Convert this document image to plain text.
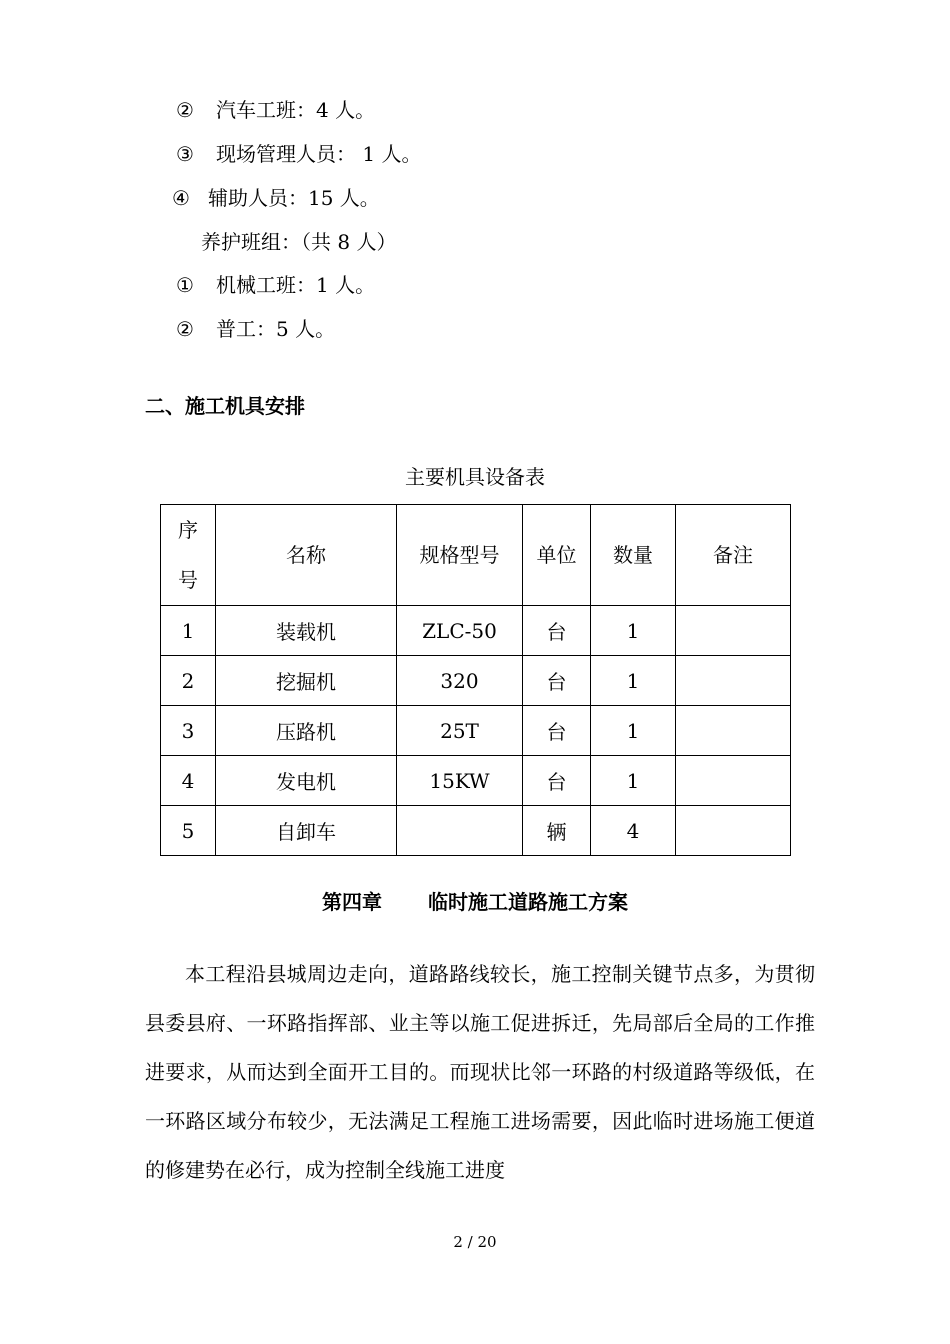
② 汽车工班：4 人。
③ 现场管理人员： 1 人。
④ 辅助人员：15 人。
养护班组：（共 8 人）
① 机械工班：1 人。
② 普工：5 人。
二、施工机具安排
主要机具设备表
序
号	名称	规格型号	单位	数量	备注
1	装载机	ZLC-50	台	1	
2	挖掘机	320	台	1	
3	压路机	25T	台	1	
4	发电机	15KW	台	1	
5	自卸车		辆	4	
第四章 临时施工道路施工方案

本工程沿县城周边走向，道路路线较长，施工控制关键节点多，为贯彻县委县府、一环路指挥部、业主等以施工促进拆迁，先局部后全局的工作推进要求，从而达到全面开工目的。而现状比邻一环路的村级道路等级低，在一环路区域分布较少，无法满足工程施工进场需要，因此临时进场施工便道的修建势在必行，成为控制全线施工进度

2 / 20
